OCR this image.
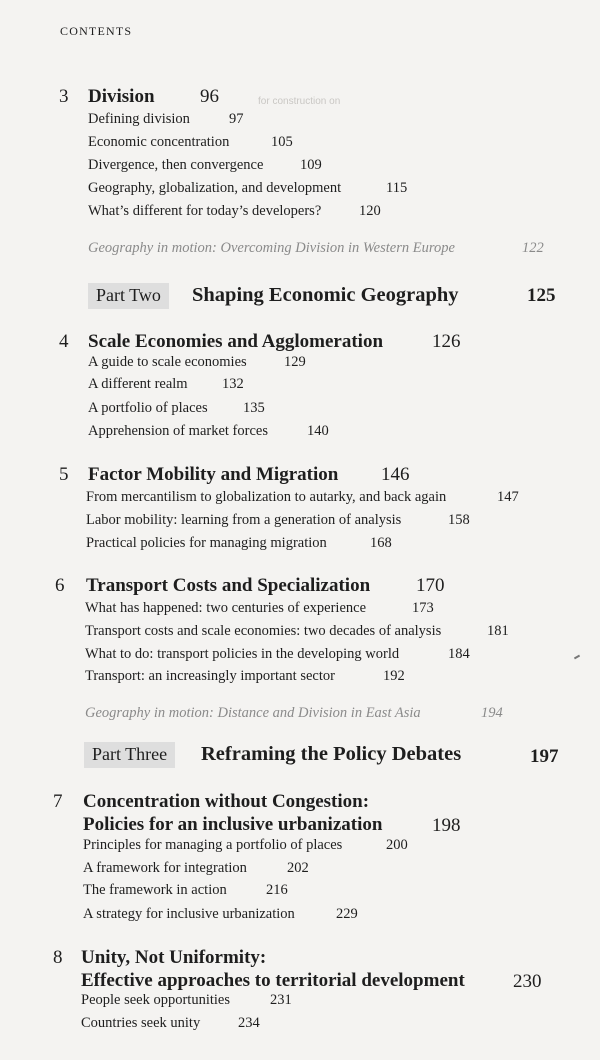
CONTENTS
for construction on
3 Division 96
Defining division	97
Economic concentration	105
Divergence, then convergence	109
Geography, globalization, and development	115
What’s different for today’s developers?	120
Geography in motion: Overcoming Division in Western Europe	122
Part Two	Shaping Economic Geography	125
4 Scale Economies and Agglomeration	126
A guide to scale economies	129
A different realm 132
A portfolio of places 135
Apprehension of market forces	140
5 Factor Mobility and Migration 146
From mercantilism to globalization to autarky, and back again	147
Labor mobility: learning from a generation of analysis	158
Practical policies for managing migration	168
6 Transport Costs and Specialization 170
What has happened: two centuries of experience	173
Transport costs and scale economies: two decades of analysis	181
What to do: transport policies in the developing world	184
Transport: an increasingly important sector	192
Geography in motion: Distance and Division in East Asia	194
Part Three	Reframing the Policy Debates	197
7 Concentration without Congestion:
Policies for an inclusive urbanization	198
Principles for managing a portfolio of places	200
A framework for integration	202
The framework in action	216
A strategy for inclusive urbanization	229
8 Unity, Not Uniformity:
Effective approaches to territorial development	230
People seek opportunities	231
Countries seek unity	234
